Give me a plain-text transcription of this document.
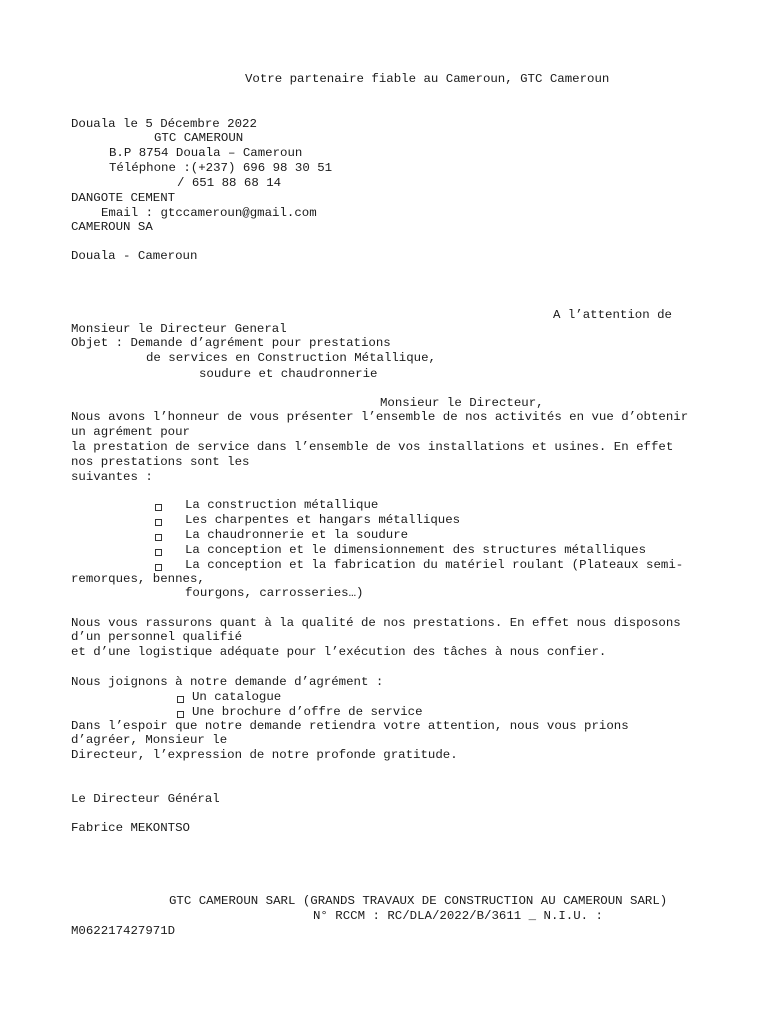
Votre partenaire fiable au Cameroun, GTC Cameroun
Douala le 5 Décembre 2022
GTC CAMEROUN
B.P 8754 Douala – Cameroun
Téléphone :(+237) 696 98 30 51
/ 651 88 68 14
Email : gtccameroun@gmail.com
DANGOTE CEMENT
CAMEROUN SA
Douala - Cameroun
A l’attention de
Monsieur le Directeur General
Objet : Demande d’agrément pour prestations
de services en Construction Métallique,
soudure et chaudronnerie
Monsieur le Directeur,
Nous avons l’honneur de vous présenter l’ensemble de nos activités en vue d’obtenir
un agrément pour
la prestation de service dans l’ensemble de vos installations et usines. En effet
nos prestations sont les
suivantes :
La construction métallique
Les charpentes et hangars métalliques
La chaudronnerie et la soudure
La conception et le dimensionnement des structures métalliques
La conception et la fabrication du matériel roulant (Plateaux semi-
remorques, bennes,
fourgons, carrosseries…)
Nous vous rassurons quant à la qualité de nos prestations. En effet nous disposons
d’un personnel qualifié
et d’une logistique adéquate pour l’exécution des tâches à nous confier.
Nous joignons à notre demande d’agrément :
Un catalogue
Une brochure d’offre de service
Dans l’espoir que notre demande retiendra votre attention, nous vous prions
d’agréer, Monsieur le
Directeur, l’expression de notre profonde gratitude.
Le Directeur Général
Fabrice MEKONTSO
GTC CAMEROUN SARL (GRANDS TRAVAUX DE CONSTRUCTION AU CAMEROUN SARL)
N° RCCM : RC/DLA/2022/B/3611 _ N.I.U. :
M062217427971D
